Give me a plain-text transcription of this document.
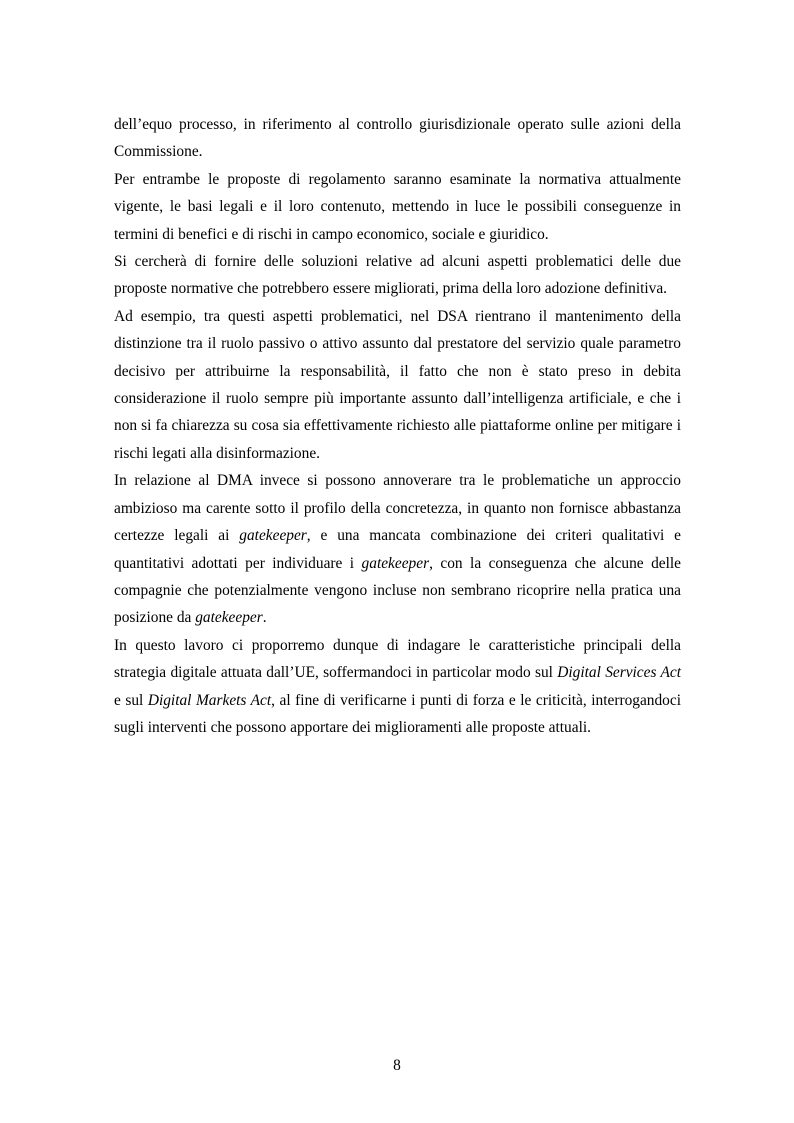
dell’equo processo, in riferimento al controllo giurisdizionale operato sulle azioni della Commissione.

Per entrambe le proposte di regolamento saranno esaminate la normativa attualmente vigente, le basi legali e il loro contenuto, mettendo in luce le possibili conseguenze in termini di benefici e di rischi in campo economico, sociale e giuridico.

Si cercherà di fornire delle soluzioni relative ad alcuni aspetti problematici delle due proposte normative che potrebbero essere migliorati, prima della loro adozione definitiva.

Ad esempio, tra questi aspetti problematici, nel DSA rientrano il mantenimento della distinzione tra il ruolo passivo o attivo assunto dal prestatore del servizio quale parametro decisivo per attribuirne la responsabilità, il fatto che non è stato preso in debita considerazione il ruolo sempre più importante assunto dall’intelligenza artificiale, e che i non si fa chiarezza su cosa sia effettivamente richiesto alle piattaforme online per mitigare i rischi legati alla disinformazione.

In relazione al DMA invece si possono annoverare tra le problematiche un approccio ambizioso ma carente sotto il profilo della concretezza, in quanto non fornisce abbastanza certezze legali ai gatekeeper, e una mancata combinazione dei criteri qualitativi e quantitativi adottati per individuare i gatekeeper, con la conseguenza che alcune delle compagnie che potenzialmente vengono incluse non sembrano ricoprire nella pratica una posizione da gatekeeper.

In questo lavoro ci proporremo dunque di indagare le caratteristiche principali della strategia digitale attuata dall’UE, soffermandoci in particolar modo sul Digital Services Act e sul Digital Markets Act, al fine di verificarne i punti di forza e le criticità, interrogandoci sugli interventi che possono apportare dei miglioramenti alle proposte attuali.

8
